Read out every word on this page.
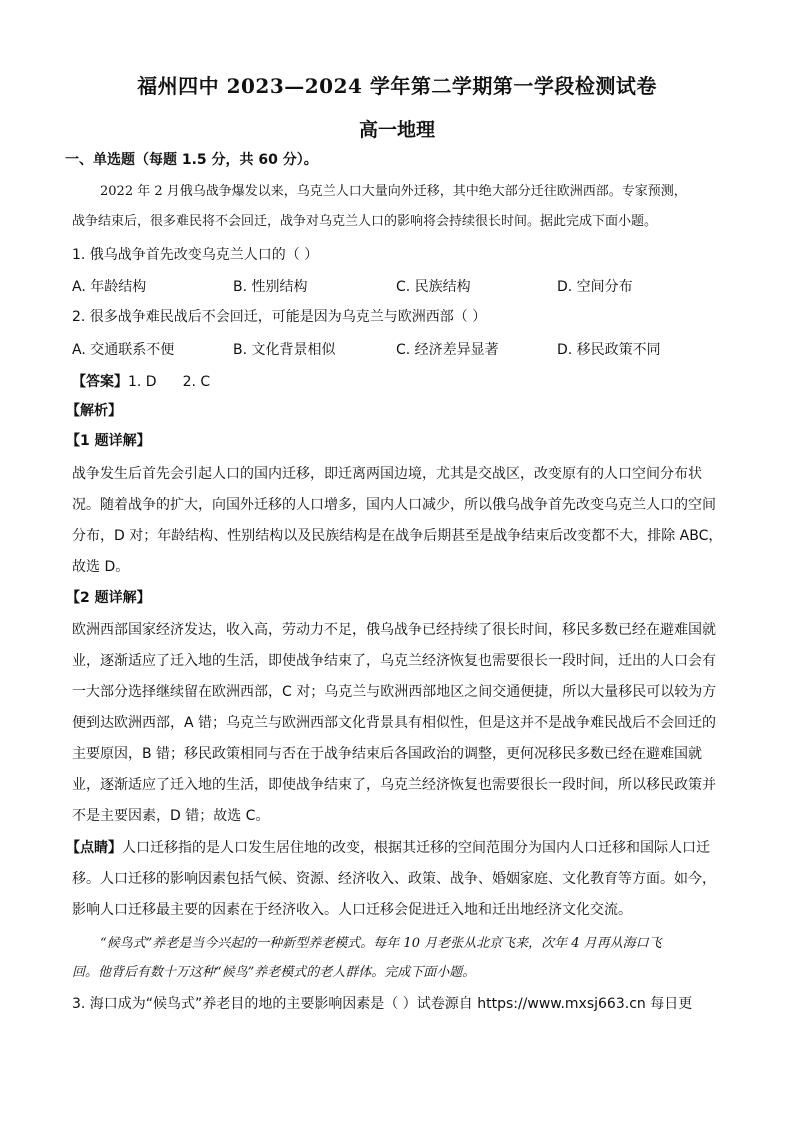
福州四中 2023—2024 学年第二学期第一学段检测试卷
高一地理
一、单选题（每题 1.5 分，共 60 分）。
2022 年 2 月俄乌战争爆发以来，乌克兰人口大量向外迁移，其中绝大部分迁往欧洲西部。专家预测，
战争结束后，很多难民将不会回迁，战争对乌克兰人口的影响将会持续很长时间。据此完成下面小题。
1. 俄乌战争首先改变乌克兰人口的（ ）
A. 年龄结构	B. 性别结构	C. 民族结构	D. 空间分布
2. 很多战争难民战后不会回迁，可能是因为乌克兰与欧洲西部（ ）
A. 交通联系不便	B. 文化背景相似	C. 经济差异显著	D. 移民政策不同
【答案】1. D 2. C
【解析】
【1 题详解】
战争发生后首先会引起人口的国内迁移，即迁离两国边境，尤其是交战区，改变原有的人口空间分布状
况。随着战争的扩大，向国外迁移的人口增多，国内人口减少，所以俄乌战争首先改变乌克兰人口的空间
分布，D 对；年龄结构、性别结构以及民族结构是在战争后期甚至是战争结束后改变都不大，排除 ABC，
故选 D。
【2 题详解】
欧洲西部国家经济发达，收入高，劳动力不足，俄乌战争已经持续了很长时间，移民多数已经在避难国就
业，逐渐适应了迁入地的生活，即使战争结束了，乌克兰经济恢复也需要很长一段时间，迁出的人口会有
一大部分选择继续留在欧洲西部，C 对；乌克兰与欧洲西部地区之间交通便捷，所以大量移民可以较为方
便到达欧洲西部，A 错；乌克兰与欧洲西部文化背景具有相似性，但是这并不是战争难民战后不会回迁的
主要原因，B 错；移民政策相同与否在于战争结束后各国政治的调整，更何况移民多数已经在避难国就
业，逐渐适应了迁入地的生活，即使战争结束了，乌克兰经济恢复也需要很长一段时间，所以移民政策并
不是主要因素，D 错；故选 C。
【点睛】人口迁移指的是人口发生居住地的改变，根据其迁移的空间范围分为国内人口迁移和国际人口迁
移。人口迁移的影响因素包括气候、资源、经济收入、政策、战争、婚姻家庭、文化教育等方面。如今，
影响人口迁移最主要的因素在于经济收入。人口迁移会促进迁入地和迁出地经济文化交流。
“候鸟式”养老是当今兴起的一种新型养老模式。每年 10 月老张从北京飞来，次年 4 月再从海口飞
回。他背后有数十万这种“候鸟”养老模式的老人群体。完成下面小题。
3. 海口成为“候鸟式”养老目的地的主要影响因素是（ ）试卷源自 https://www.mxsj663.cn 每日更
